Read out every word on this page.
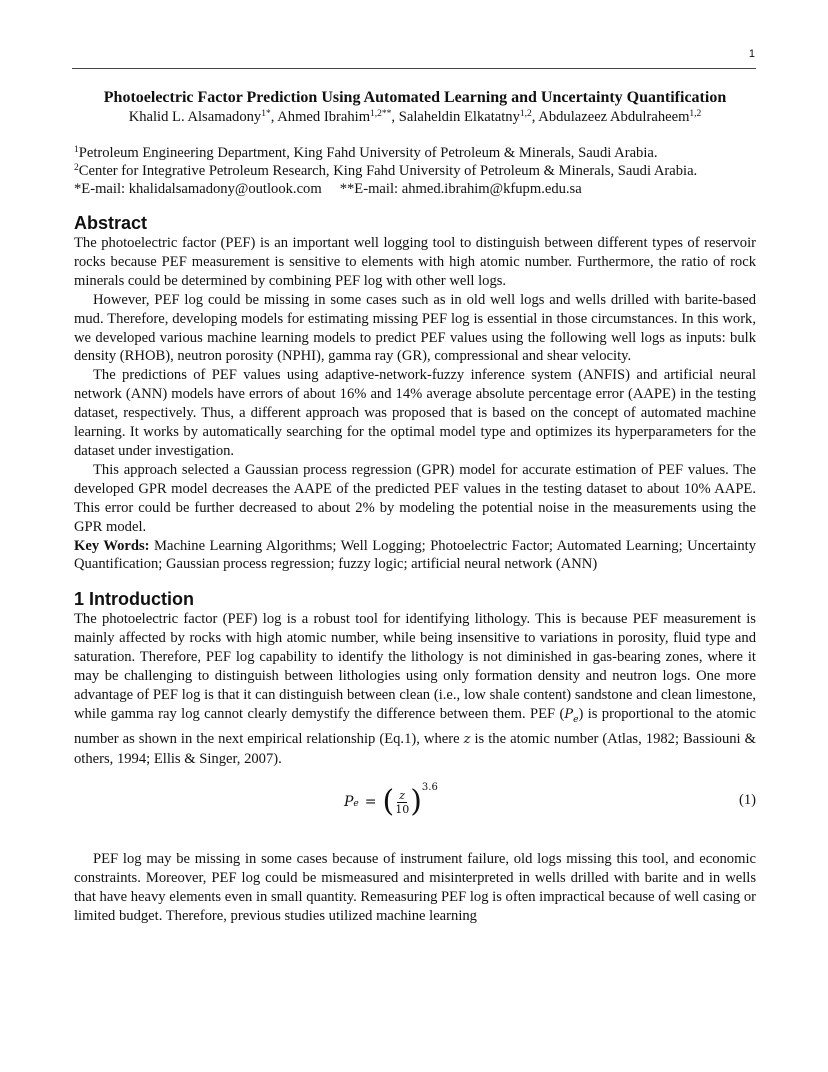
1

Photoelectric Factor Prediction Using Automated Learning and Uncertainty Quantification

Khalid L. Alsamadony$^{1*}$, Ahmed Ibrahim$^{1,2**}$, Salaheldin Elkatatny$^{1,2}$, Abdulazeez Abdulraheem$^{1,2}$

$^1$Petroleum Engineering Department, King Fahd University of Petroleum & Minerals, Saudi Arabia.

$^2$Center for Integrative Petroleum Research, King Fahd University of Petroleum & Minerals, Saudi Arabia.

*E-mail: khalidalsamadony@outlook.com **E-mail: ahmed.ibrahim@kfupm.edu.sa

Abstract

The photoelectric factor (PEF) is an important well logging tool to distinguish between different types of reservoir rocks because PEF measurement is sensitive to elements with high atomic number. Furthermore, the ratio of rock minerals could be determined by combining PEF log with other well logs.

However, PEF log could be missing in some cases such as in old well logs and wells drilled with barite-based mud. Therefore, developing models for estimating missing PEF log is essential in those circumstances. In this work, we developed various machine learning models to predict PEF values using the following well logs as inputs: bulk density (RHOB), neutron porosity (NPHI), gamma ray (GR), compressional and shear velocity.

The predictions of PEF values using adaptive-network-fuzzy inference system (ANFIS) and artificial neural network (ANN) models have errors of about 16% and 14% average absolute percentage error (AAPE) in the testing dataset, respectively. Thus, a different approach was proposed that is based on the concept of automated machine learning. It works by automatically searching for the optimal model type and optimizes its hyperparameters for the dataset under investigation.

This approach selected a Gaussian process regression (GPR) model for accurate estimation of PEF values. The developed GPR model decreases the AAPE of the predicted PEF values in the testing dataset to about 10% AAPE. This error could be further decreased to about 2% by modeling the potential noise in the measurements using the GPR model.

Key Words: Machine Learning Algorithms; Well Logging; Photoelectric Factor; Automated Learning; Uncertainty Quantification; Gaussian process regression; fuzzy logic; artificial neural network (ANN)

1 Introduction

The photoelectric factor (PEF) log is a robust tool for identifying lithology. This is because PEF measurement is mainly affected by rocks with high atomic number, while being insensitive to variations in porosity, fluid type and saturation. Therefore, PEF log capability to identify the lithology is not diminished in gas-bearing zones, where it may be challenging to distinguish between lithologies using only formation density and neutron logs. One more advantage of PEF log is that it can distinguish between clean (i.e., low shale content) sandstone and clean limestone, while gamma ray log cannot clearly demystify the difference between them. PEF $(P_e)$ is proportional to the atomic number as shown in the next empirical relationship (Eq.1), where z is the atomic number (Atlas, 1982; Bassiouni & others, 1994; Ellis & Singer, 2007).

P e = ( $\frac{z}{10}$ ) 3.6
(1)

PEF log may be missing in some cases because of instrument failure, old logs missing this tool, and economic constraints. Moreover, PEF log could be mismeasured and misinterpreted in wells drilled with barite and in wells that have heavy elements even in small quantity. Remeasuring PEF log is often impractical because of well casing or limited budget. Therefore, previous studies utilized machine learning
